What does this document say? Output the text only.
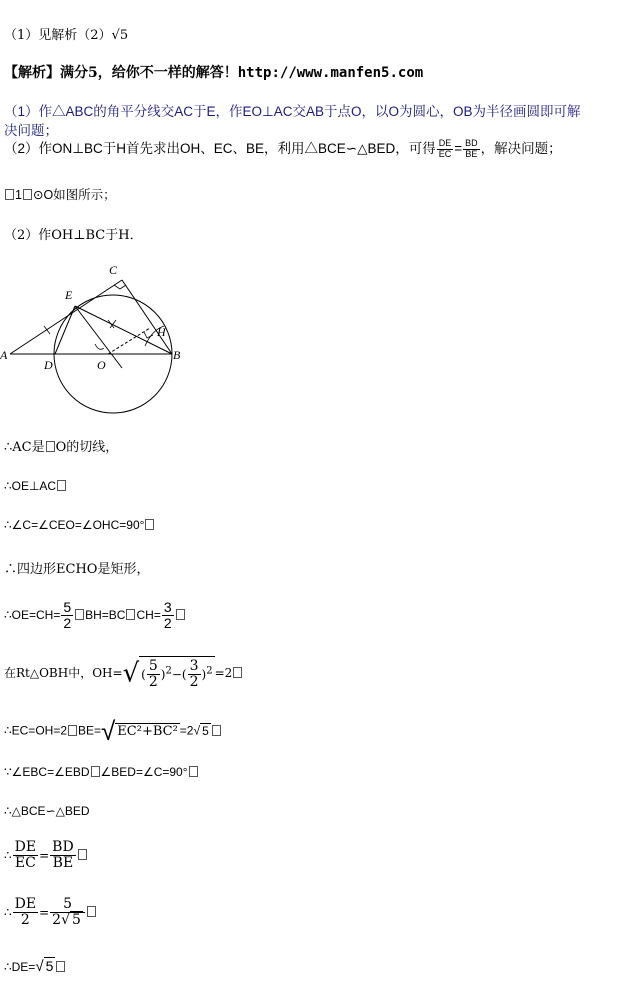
（1）见解析（2）√5
【解析】满分5，给你不一样的解答！http://www.manfen5.com
（1）作△ABC的角平分线交AC于E，作EO⊥AC交AB于点O，以O为圆心，OB为半径画圆即可解
决问题；
（2）作ON⊥BC于H首先求出OH、EC、BE，利用△BCE∽△BED，可得 $\frac{DE}{EC} = \frac{BD}{BE}$ ，解决问题；
1 ⊙O如图所示；
（2）作OH⊥BC于H．
A	B
C
D
E
O
H
∴AC是 O的切线，
∴OE⊥AC
∴∠C=∠CEO=∠OHC=90°
∴四边形ECHO是矩形，
∴OE=CH= $\frac{5}{2} BH=BC$ $CH= \frac{3}{2}$
在Rt△OBH中，OH=√ ( $\frac{5}{2} )^2-( \frac{3}{2} )^2 =2$
∴EC=OH=2 BE=√ EC²+BC² =2√ 5
∵∠EBC=∠EBD ∠BED=∠C=90°
∴△BCE∽△BED
∴ $\frac{DE}{EC} = \frac{BD}{BE}$
∴ $\frac{DE}{2} = \frac{5}{2√ 5}$
∴DE=√ 5
